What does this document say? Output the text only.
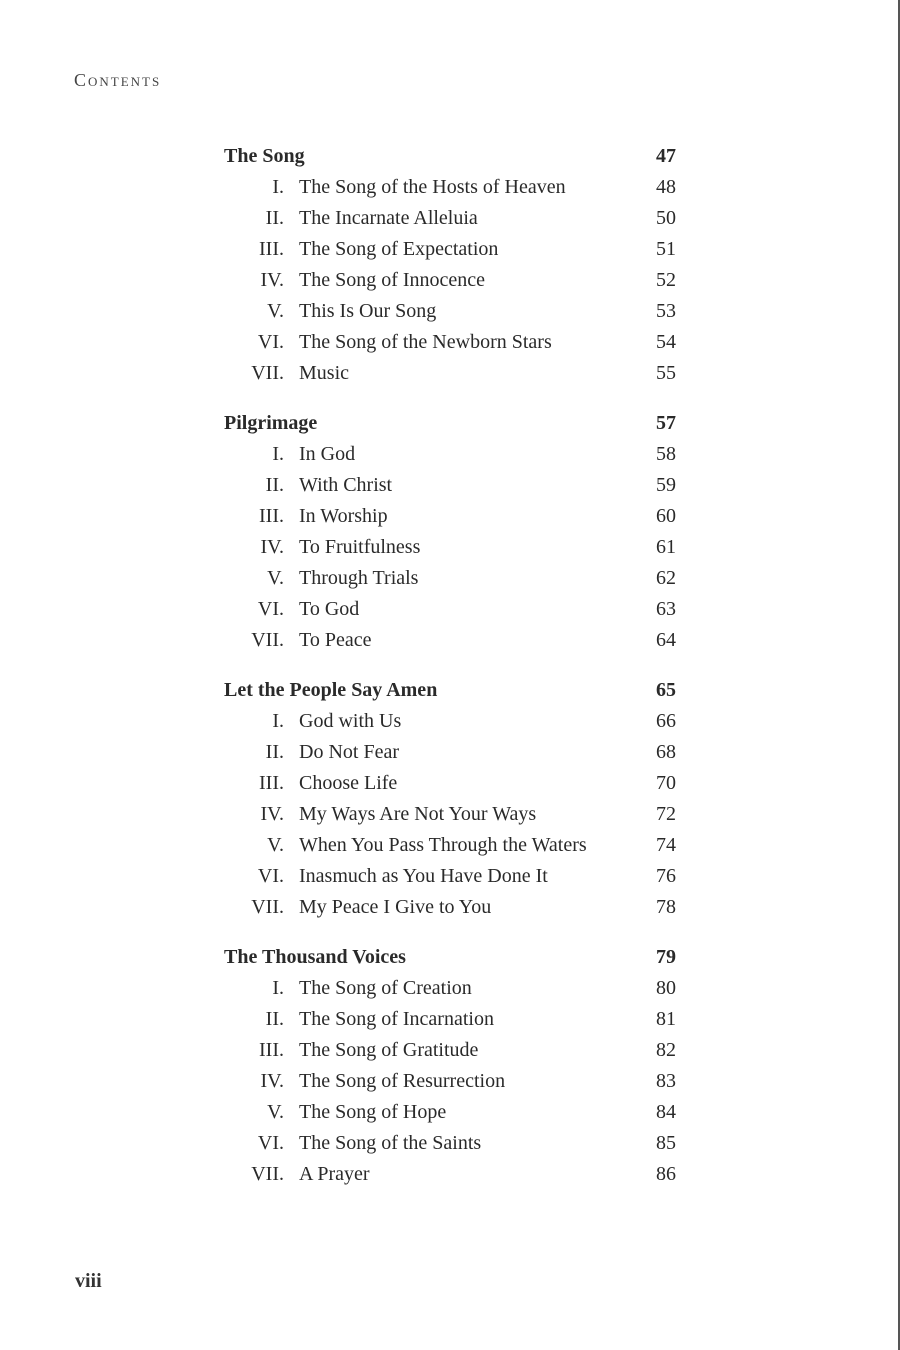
Contents
The Song	47
I. The Song of the Hosts of Heaven	48
II. The Incarnate Alleluia	50
III. The Song of Expectation	51
IV. The Song of Innocence	52
V. This Is Our Song	53
VI. The Song of the Newborn Stars	54
VII. Music	55
Pilgrimage	57
I. In God	58
II. With Christ	59
III. In Worship	60
IV. To Fruitfulness	61
V. Through Trials	62
VI. To God	63
VII. To Peace	64
Let the People Say Amen	65
I. God with Us	66
II. Do Not Fear	68
III. Choose Life	70
IV. My Ways Are Not Your Ways	72
V. When You Pass Through the Waters	74
VI. Inasmuch as You Have Done It	76
VII. My Peace I Give to You	78
The Thousand Voices	79
I. The Song of Creation	80
II. The Song of Incarnation	81
III. The Song of Gratitude	82
IV. The Song of Resurrection	83
V. The Song of Hope	84
VI. The Song of the Saints	85
VII. A Prayer	86
viii
